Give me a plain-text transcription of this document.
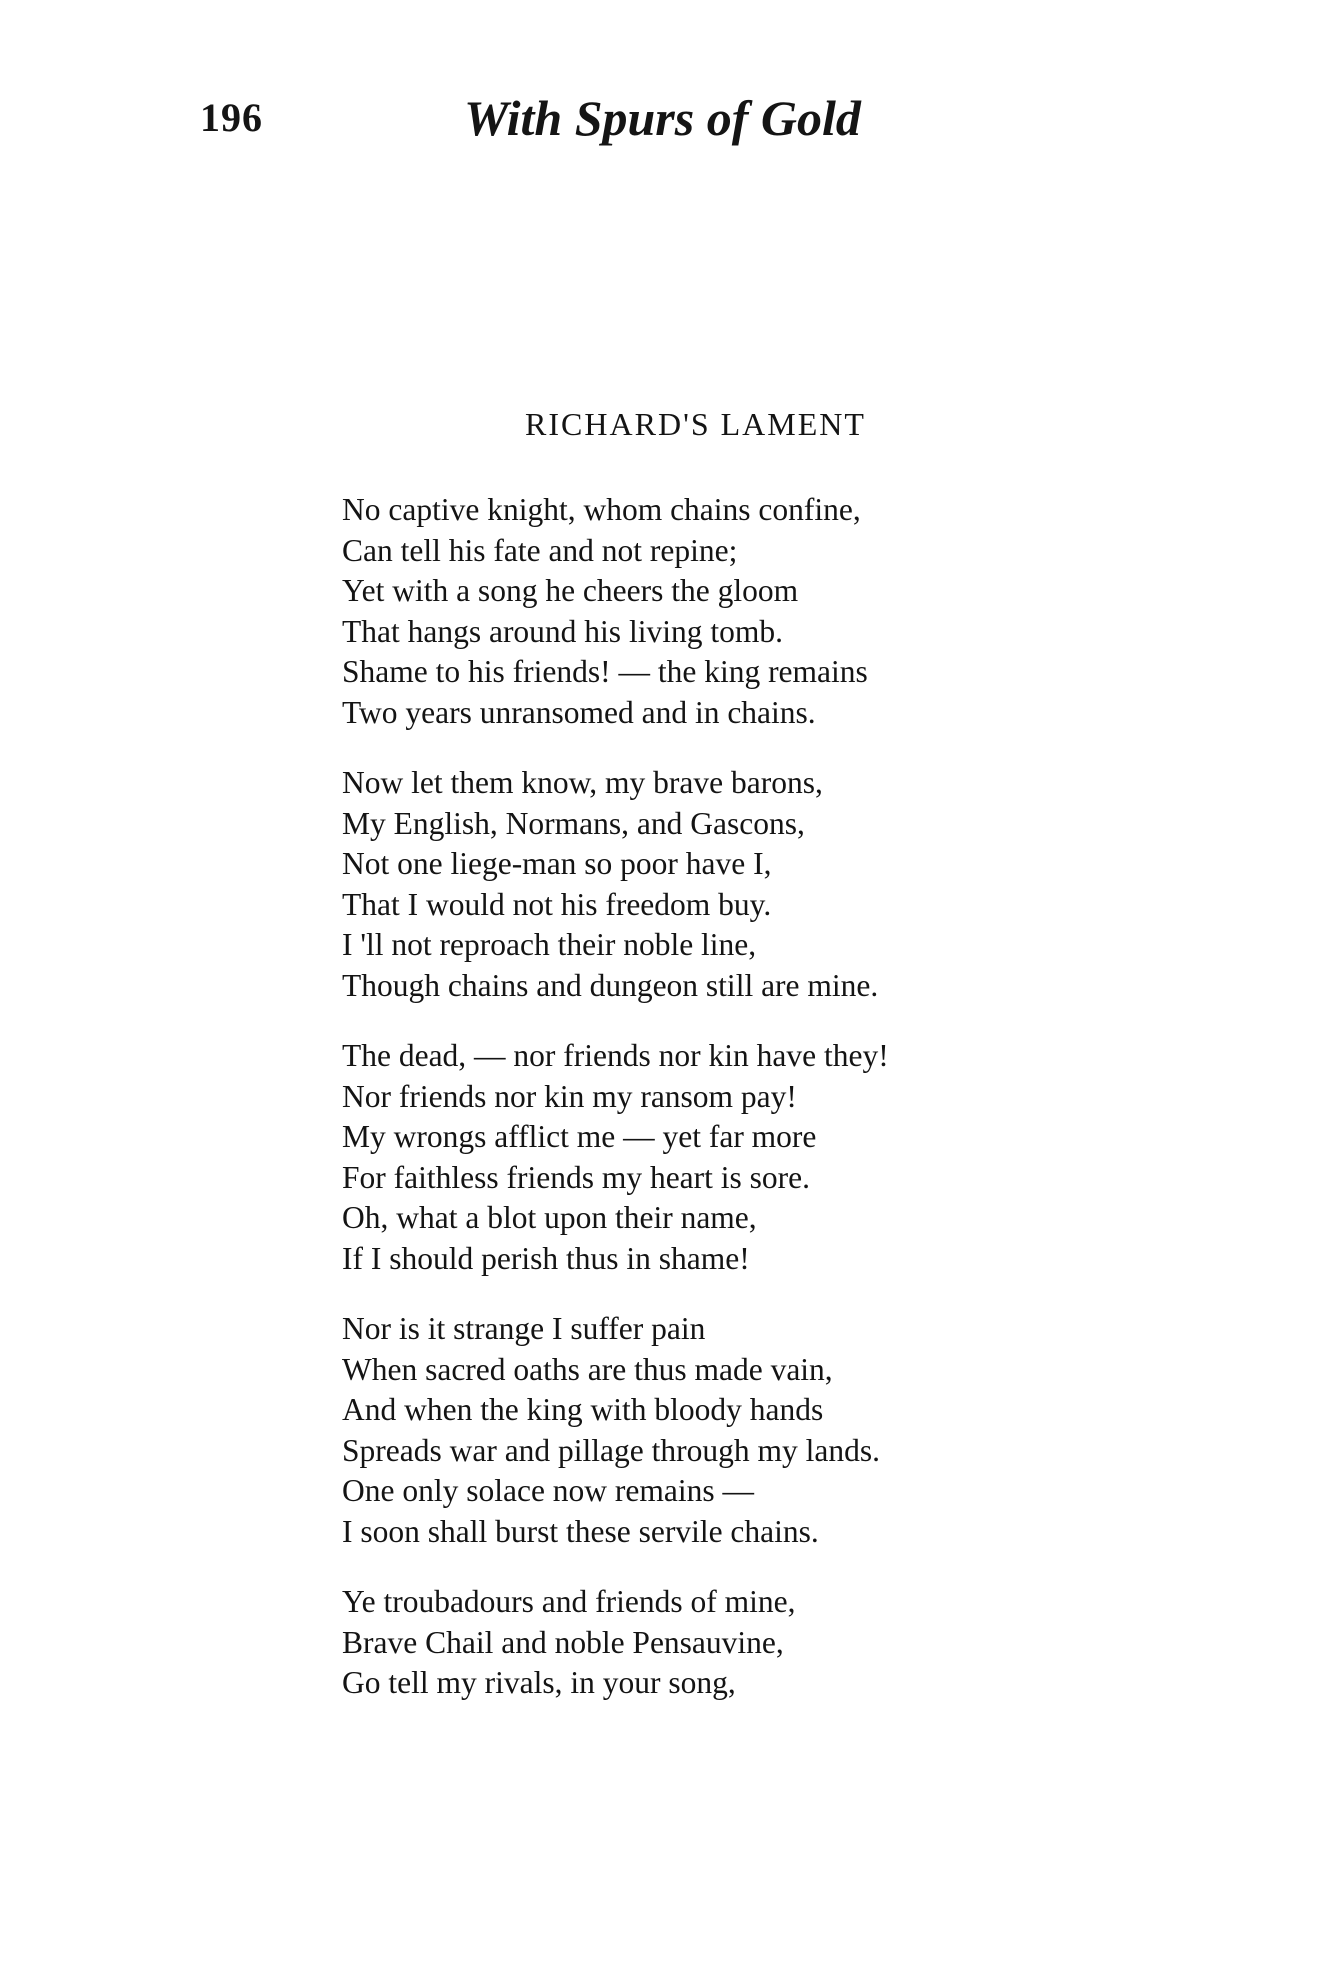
196	With Spurs of Gold
RICHARD'S LAMENT
No captive knight, whom chains confine,
Can tell his fate and not repine;
Yet with a song he cheers the gloom
That hangs around his living tomb.
Shame to his friends! — the king remains
Two years unransomed and in chains.
Now let them know, my brave barons,
My English, Normans, and Gascons,
Not one liege-man so poor have I,
That I would not his freedom buy.
I 'll not reproach their noble line,
Though chains and dungeon still are mine.
The dead, — nor friends nor kin have they!
Nor friends nor kin my ransom pay!
My wrongs afflict me — yet far more
For faithless friends my heart is sore.
Oh, what a blot upon their name,
If I should perish thus in shame!
Nor is it strange I suffer pain
When sacred oaths are thus made vain,
And when the king with bloody hands
Spreads war and pillage through my lands.
One only solace now remains —
I soon shall burst these servile chains.
Ye troubadours and friends of mine,
Brave Chail and noble Pensauvine,
Go tell my rivals, in your song,
